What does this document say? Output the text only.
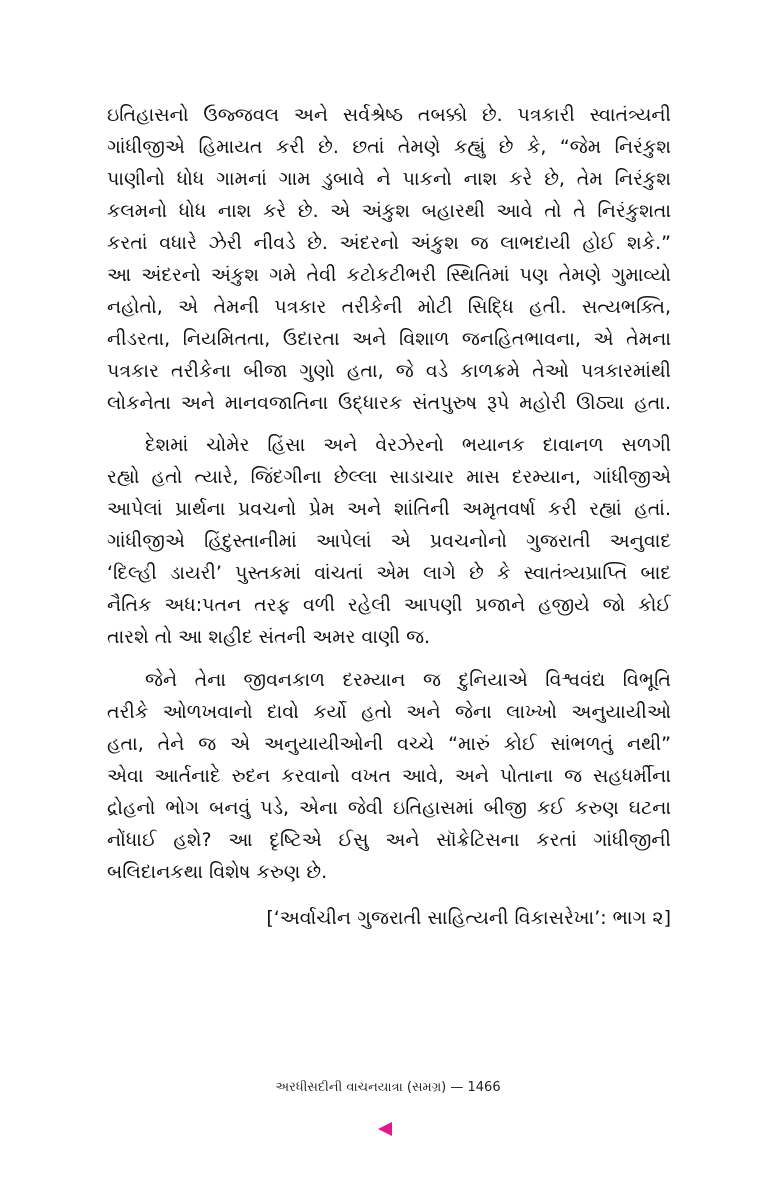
ઇતિહાસનો ઉજ્જવલ અને સર્વશ્રેષ્ઠ તબક્કો છે. પત્રકારી સ્વાતંત્ર્યની
ગાંધીજીએ હિમાયત કરી છે. છતાં તેમણે કહ્યું છે કે, “જેમ નિરંકુશ
પાણીનો ધોધ ગામનાં ગામ ડુબાવે ને પાકનો નાશ કરે છે, તેમ નિરંકુશ
કલમનો ધોધ નાશ કરે છે. એ અંકુશ બહારથી આવે તો તે નિરંકુશતા
કરતાં વધારે ઝેરી નીવડે છે. અંદરનો અંકુશ જ લાભદાયી હોઈ શકે.”
આ અંદરનો અંકુશ ગમે તેવી કટોકટીભરી સ્થિતિમાં પણ તેમણે ગુમાવ્યો
નહોતો, એ તેમની પત્રકાર તરીકેની મોટી સિદ્ધિ હતી. સત્યભક્તિ,
નીડરતા, નિયમિતતા, ઉદારતા અને વિશાળ જનહિતભાવના, એ તેમના
પત્રકાર તરીકેના બીજા ગુણો હતા, જે વડે કાળક્રમે તેઓ પત્રકારમાંથી
લોકનેતા અને માનવજાતિના ઉદ્ધારક સંતપુરુષ રૂપે મહોરી ઊઠ્યા હતા.
દેશમાં ચોમેર હિંસા અને વેરઝેરનો ભયાનક દાવાનળ સળગી
રહ્યો હતો ત્યારે, જિંદગીના છેલ્લા સાડાચાર માસ દરમ્યાન, ગાંધીજીએ
આપેલાં પ્રાર્થના પ્રવચનો પ્રેમ અને શાંતિની અમૃતવર્ષા કરી રહ્યાં હતાં.
ગાંધીજીએ હિંદુસ્તાનીમાં આપેલાં એ પ્રવચનોનો ગુજરાતી અનુવાદ
‘દિલ્હી ડાયરી’ પુસ્તકમાં વાંચતાં એમ લાગે છે કે સ્વાતંત્ર્યપ્રાપ્તિ બાદ
નૈતિક અધ:પતન તરફ વળી રહેલી આપણી પ્રજાને હજીયે જો કોઈ
તારશે તો આ શહીદ સંતની અમર વાણી જ.
જેને તેના જીવનકાળ દરમ્યાન જ દુનિયાએ વિશ્વવંદ્ય વિભૂતિ
તરીકે ઓળખવાનો દાવો કર્યો હતો અને જેના લાખ્ખો અનુયાયીઓ
હતા, તેને જ એ અનુયાયીઓની વચ્ચે “મારું કોઈ સાંભળતું નથી”
એવા આર્તનાદે રુદન કરવાનો વખત આવે, અને પોતાના જ સહધર્મીના
દ્રોહનો ભોગ બનવું પડે, એના જેવી ઇતિહાસમાં બીજી કઈ કરુણ ઘટના
નોંધાઈ હશે? આ દૃષ્ટિએ ઈસુ અને સૉક્રેટિસના કરતાં ગાંધીજીની
બલિદાનકથા વિશેષ કરુણ છે.
[‘અર્વાચીન ગુજરાતી સાહિત્યની વિકાસરેખા’: ભાગ ૨]
અરધીસદીની વાચનયાત્રા (સમગ્ર) — 1466
